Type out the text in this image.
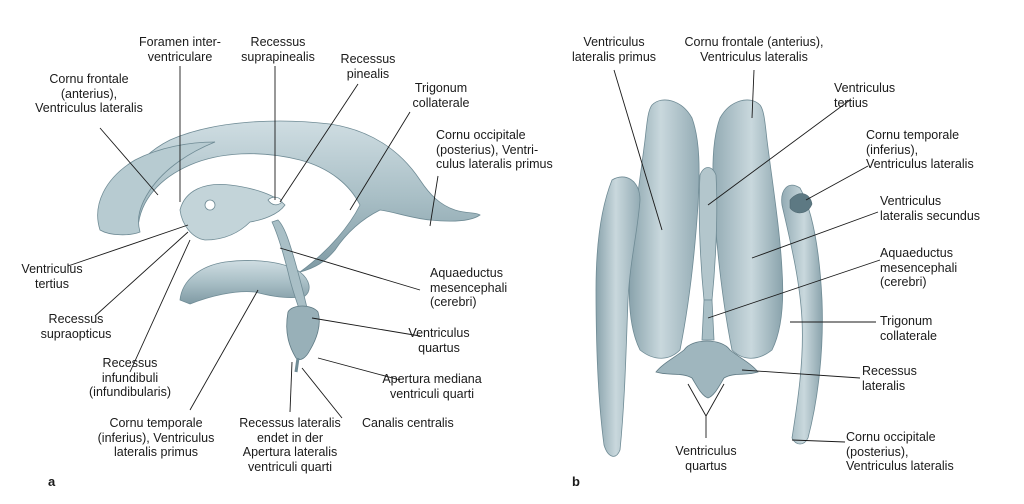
Foramen inter-
ventriculare
Recessus
suprapinealis	Recessus
pinealis
Trigonum
collaterale
Cornu frontale
(anterius),
Ventriculus lateralis
Cornu occipitale
(posterius), Ventri-
culus lateralis primus
Ventriculus
tertius
Aquaeductus
mesencephali
(cerebri)
Recessus
supraopticus
Recessus
infundibuli
(infundibularis)
Ventriculus
quartus
Apertura mediana
ventriculi quarti
Cornu temporale
(inferius), Ventriculus
lateralis primus
Recessus lateralis
endet in der
Apertura lateralis
ventriculi quarti
Canalis centralis
a
Ventriculus
lateralis primus
Cornu frontale (anterius),
Ventriculus lateralis
Ventriculus
tertius
Cornu temporale
(inferius),
Ventriculus lateralis
Ventriculus
lateralis secundus
Aquaeductus
mesencephali
(cerebri)
Trigonum
collaterale
Recessus
lateralis
Cornu occipitale
(posterius),
Ventriculus lateralis
Ventriculus
quartus
b
